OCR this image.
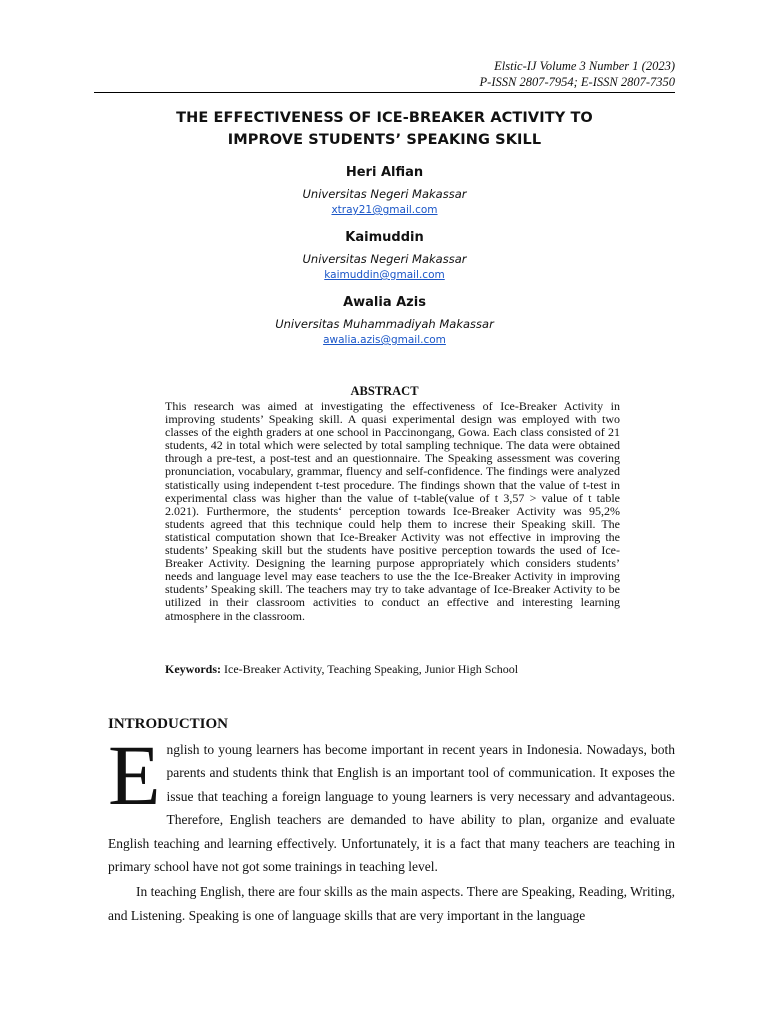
Elstic-IJ Volume 3 Number 1 (2023)
P-ISSN 2807-7954; E-ISSN 2807-7350
THE EFFECTIVENESS OF ICE-BREAKER ACTIVITY TO
IMPROVE STUDENTS’ SPEAKING SKILL
Heri Alfian
Universitas Negeri Makassar
xtray21@gmail.com
Kaimuddin
Universitas Negeri Makassar
kaimuddin@gmail.com
Awalia Azis
Universitas Muhammadiyah Makassar
awalia.azis@gmail.com
ABSTRACT

This research was aimed at investigating the effectiveness of Ice-Breaker Activity in improving students’ Speaking skill. A quasi experimental design was employed with two classes of the eighth graders at one school in Paccinongang, Gowa. Each class consisted of 21 students, 42 in total which were selected by total sampling technique. The data were obtained through a pre-test, a post-test and an questionnaire. The Speaking assessment was covering pronunciation, vocabulary, grammar, fluency and self-confidence. The findings were analyzed statistically using independent t-test procedure. The findings shown that the value of t-test in experimental class was higher than the value of t-table(value of t 3,57 > value of t table 2.021). Furthermore, the students‘ perception towards Ice-Breaker Activity was 95,2% students agreed that this technique could help them to increse their Speaking skill. The statistical computation shown that Ice-Breaker Activity was not effective in improving the students’ Speaking skill but the students have positive perception towards the used of Ice-Breaker Activity. Designing the learning purpose appropriately which considers students’ needs and language level may ease teachers to use the the Ice-Breaker Activity in improving students’ Speaking skill. The teachers may try to take advantage of Ice-Breaker Activity to be utilized in their classroom activities to conduct an effective and interesting learning atmosphere in the classroom.

Keywords: Ice-Breaker Activity, Teaching Speaking, Junior High School
INTRODUCTION

English to young learners has become important in recent years in Indonesia. Nowadays, both parents and students think that English is an important tool of communication. It exposes the issue that teaching a foreign language to young learners is very necessary and advantageous. Therefore, English teachers are demanded to have ability to plan, organize and evaluate English teaching and learning effectively. Unfortunately, it is a fact that many teachers are teaching in primary school have not got some trainings in teaching level.

In teaching English, there are four skills as the main aspects. There are Speaking, Reading, Writing, and Listening. Speaking is one of language skills that are very important in the language
